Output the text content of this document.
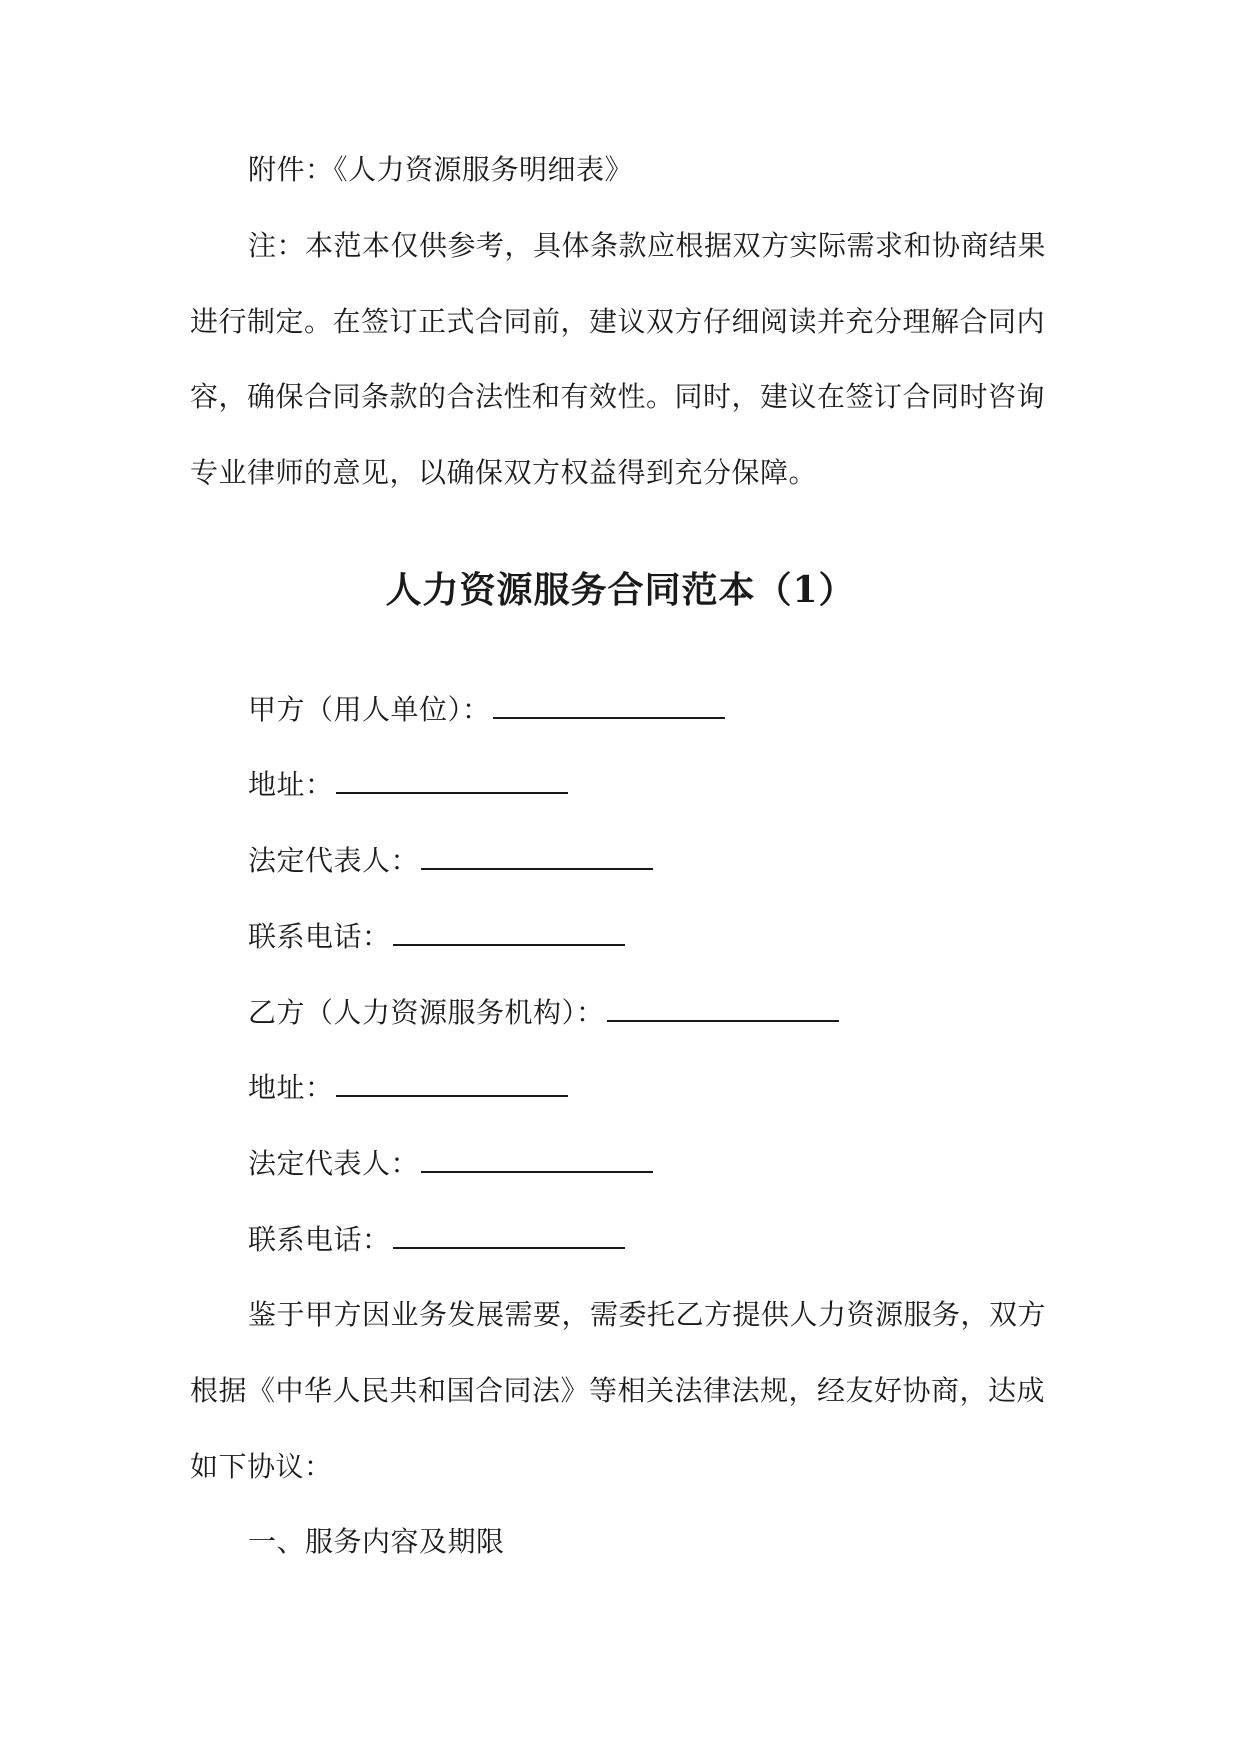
附件：《人力资源服务明细表》
注：本范本仅供参考，具体条款应根据双方实际需求和协商结果
进行制定。在签订正式合同前，建议双方仔细阅读并充分理解合同内
容，确保合同条款的合法性和有效性。同时，建议在签订合同时咨询
专业律师的意见，以确保双方权益得到充分保障。
人力资源服务合同范本（1）
甲方（用人单位）：
地址：
法定代表人：
联系电话：
乙方（人力资源服务机构）：
地址：
法定代表人：
联系电话：
鉴于甲方因业务发展需要，需委托乙方提供人力资源服务，双方
根据《中华人民共和国合同法》等相关法律法规，经友好协商，达成
如下协议：
一、服务内容及期限
